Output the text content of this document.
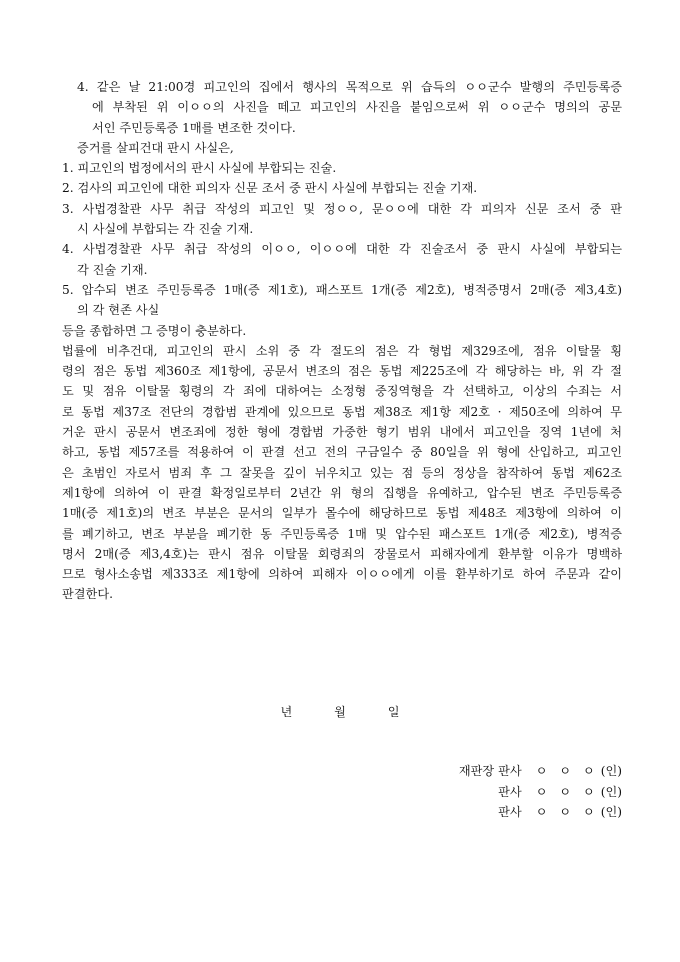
4. 같은 날 21:00경 피고인의 집에서 행사의 목적으로 위 습득의 ㅇㅇ군수 발행의 주민등록증
에 부착된 위 이ㅇㅇ의 사진을 떼고 피고인의 사진을 붙임으로써 위 ㅇㅇ군수 명의의 공문
서인 주민등록증 1매를 변조한 것이다.
증거를 살피건대 판시 사실은,
1. 피고인의 법정에서의 판시 사실에 부합되는 진술.
2. 검사의 피고인에 대한 피의자 신문 조서 중 판시 사실에 부합되는 진술 기재.
3. 사법경찰관 사무 취급 작성의 피고인 및 정ㅇㅇ, 문ㅇㅇ에 대한 각 피의자 신문 조서 중 판
시 사실에 부합되는 각 진술 기재.
4. 사법경찰관 사무 취급 작성의 이ㅇㅇ, 이ㅇㅇ에 대한 각 진술조서 중 판시 사실에 부합되는
각 진술 기재.
5. 압수되 변조 주민등록증 1매(증 제1호), 패스포트 1개(증 제2호), 병적증명서 2매(증 제3,4호)
의 각 현존 사실
등을 종합하면 그 증명이 충분하다.
법률에 비추건대, 피고인의 판시 소위 중 각 절도의 점은 각 형법 제329조에, 점유 이탈물 횡
령의 점은 동법 제360조 제1항에, 공문서 변조의 점은 동법 제225조에 각 해당하는 바, 위 각 절
도 및 점유 이탈물 횡령의 각 죄에 대하여는 소정형 중징역형을 각 선택하고, 이상의 수죄는 서
로 동법 제37조 전단의 경합범 관계에 있으므로 동법 제38조 제1항 제2호 · 제50조에 의하여 무
거운 판시 공문서 변조죄에 정한 형에 경합범 가중한 형기 범위 내에서 피고인을 징역 1년에 처
하고, 동법 제57조를 적용하여 이 판결 선고 전의 구금일수 중 80일을 위 형에 산입하고, 피고인
은 초범인 자로서 범죄 후 그 잘못을 깊이 뉘우치고 있는 점 등의 정상을 참작하여 동법 제62조
제1항에 의하여 이 판결 확정일로부터 2년간 위 형의 집행을 유예하고, 압수된 변조 주민등록증
1매(증 제1호)의 변조 부분은 문서의 일부가 몰수에 해당하므로 동법 제48조 제3항에 의하여 이
를 폐기하고, 변조 부분을 폐기한 동 주민등록증 1매 및 압수된 패스포트 1개(증 제2호), 병적증
명서 2매(증 제3,4호)는 판시 점유 이탈물 회령죄의 장물로서 피해자에게 환부할 이유가 명백하
므로 형사소송법 제333조 제1항에 의하여 피해자 이ㅇㅇ에게 이를 환부하기로 하여 주문과 같이
판결한다.
년	월	일
재판장 판사 ㅇ ㅇ ㅇ (인)
판사 ㅇ ㅇ ㅇ (인)
판사 ㅇ ㅇ ㅇ (인)
